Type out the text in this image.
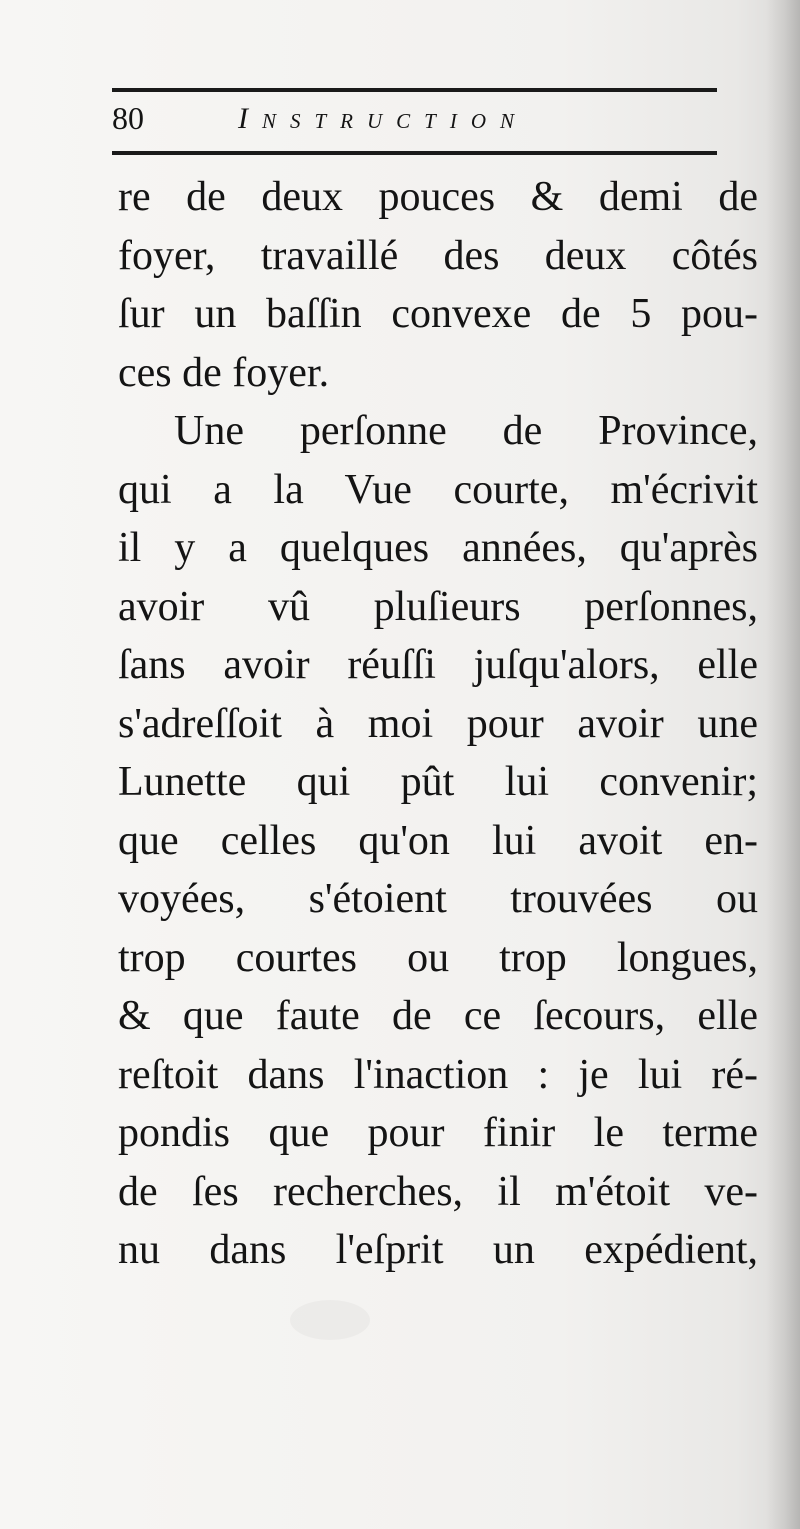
80	Instruction
re de deux pouces & demi de
foyer, travaillé des deux côtés
ſur un baſſin convexe de 5 pou-
ces de foyer.
Une perſonne de Province,
qui a la Vue courte, m'écrivit
il y a quelques années, qu'après
avoir vû pluſieurs perſonnes,
ſans avoir réuſſi juſqu'alors, elle
s'adreſſoit à moi pour avoir une
Lunette qui pût lui convenir;
que celles qu'on lui avoit en-
voyées, s'étoient trouvées ou
trop courtes ou trop longues,
& que faute de ce ſecours, elle
reſtoit dans l'inaction : je lui ré-
pondis que pour finir le terme
de ſes recherches, il m'étoit ve-
nu dans l'eſprit un expédient,
